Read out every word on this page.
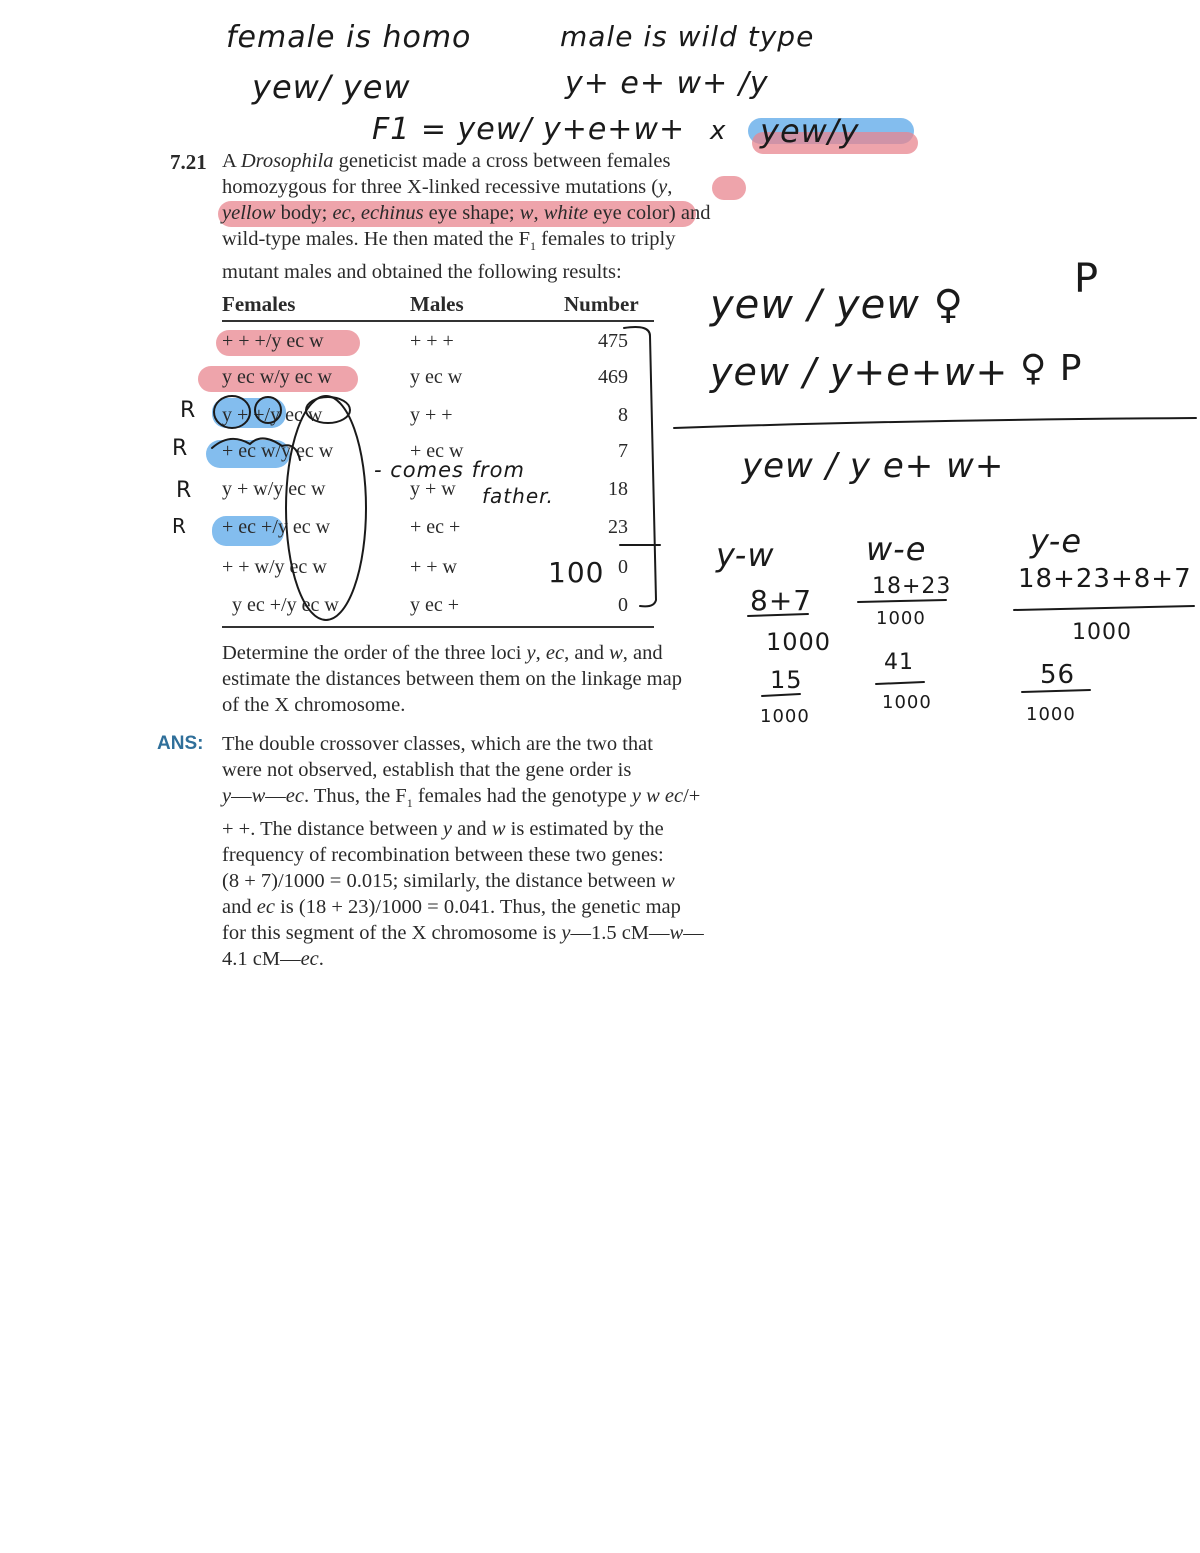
female is homo
yew/ yew
male is wild type
y+ e+ w+ /y
F1 = yew/ y+e+w+ x yew/y
7.21 A Drosophila geneticist made a cross between females
homozygous for three X-linked recessive mutations (y,
yellow body; ec, echinus eye shape; w, white eye color) and
wild-type males. He then mated the $F_1$ females to triply
mutant males and obtained the following results:
Females	Males	Number
+ + +/y ec w	+ + +	475
y ec w/y ec w	y ec w	469
y + +/y ec w	y + +	8
+ ec w/y ec w	+ ec w	7
y + w/y ec w	y + w	18
+ ec +/y ec w	+ ec +	23
+ + w/y ec w	+ + w	0
y ec +/y ec w	y ec +	0
Determine the order of the three loci y, ec, and w, and
estimate the distances between them on the linkage map
of the X chromosome.
ANS: The double crossover classes, which are the two that
were not observed, establish that the gene order is
y—w—ec. Thus, the $F_1$ females had the genotype y w ec/+
+ +. The distance between y and w is estimated by the
frequency of recombination between these two genes:
(8 + 7)/1000 = 0.015; similarly, the distance between w
and ec is (18 + 23)/1000 = 0.041. Thus, the genetic map
for this segment of the X chromosome is y—1.5 cM—w—
4.1 cM—ec.
R
R
R
R
- comes from
father.
100
yew / yew ♀
P
yew / y+e+w+ ♀ P
yew / y e+ w+
y-w
8+7
1000
15
1000
w-e
18+23
1000
41
1000
y-e
18+23+8+7
1000
56
1000
